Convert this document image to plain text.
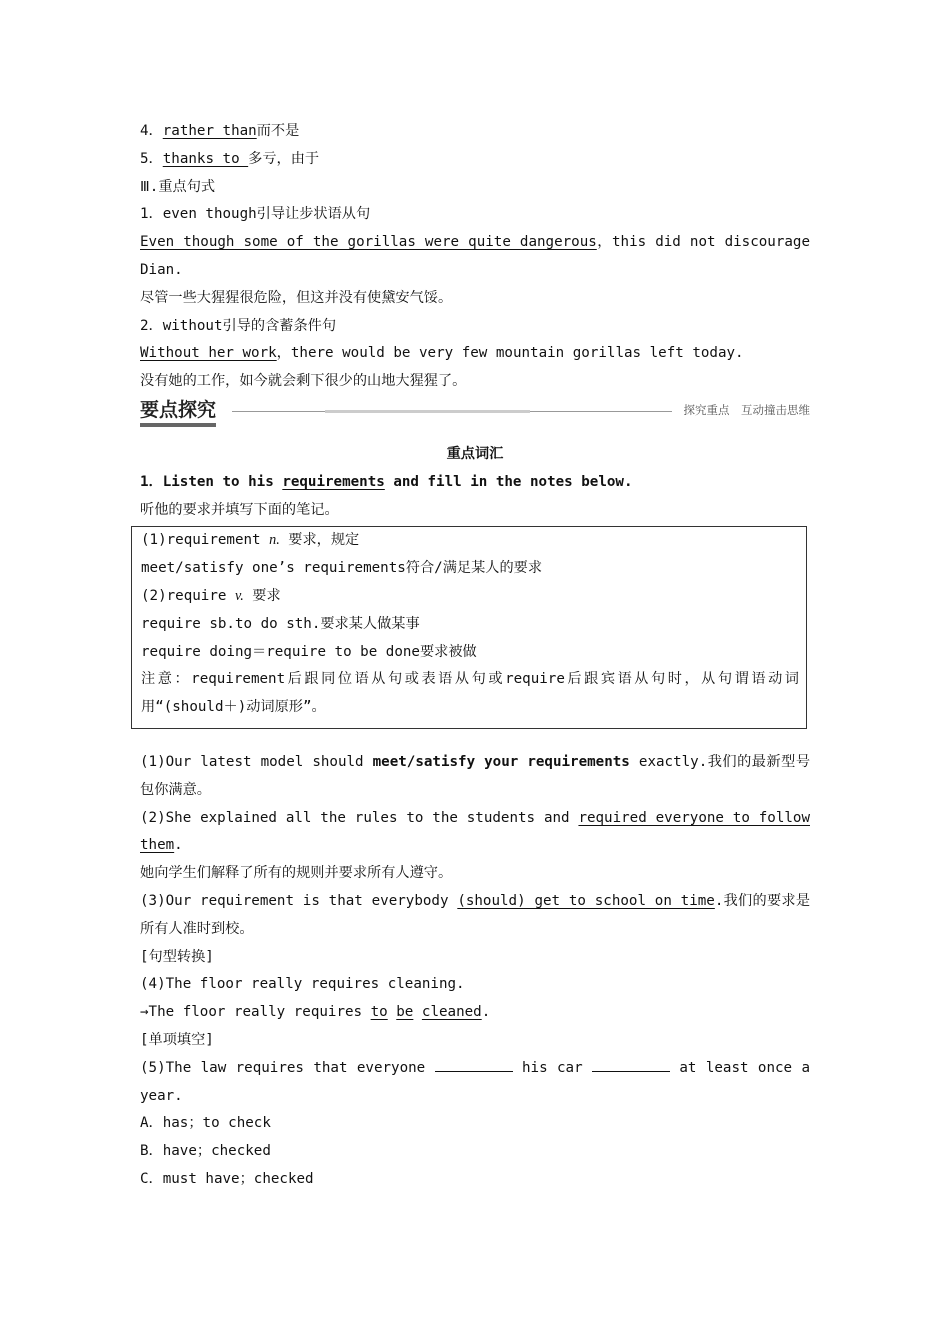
4．rather than而不是
5．thanks to 多亏，由于
Ⅲ.重点句式
1．even though引导让步状语从句
Even though some of the gorillas were quite dangerous，this did not discourage Dian.
尽管一些大猩猩很危险，但这并没有使黛安气馁。
2．without引导的含蓄条件句
Without her work，there would be very few mountain gorillas left today.
没有她的工作，如今就会剩下很少的山地大猩猩了。
要点探究	探究重点　互动撞击思维
重点词汇
1．Listen to his requirements and fill in the notes below.
听他的要求并填写下面的笔记。
(1)requirement n. 要求，规定
meet/satisfy one’s requirements符合/满足某人的要求
(2)require v. 要求
require sb.to do sth.要求某人做某事
require doing＝require to be done要求被做
注意：requirement后跟同位语从句或表语从句或require后跟宾语从句时，从句谓语动词用“(should＋)动词原形”。
(1)Our latest model should meet/satisfy your requirements exactly.我们的最新型号包你满意。
(2)She explained all the rules to the students and required everyone to follow them.
她向学生们解释了所有的规则并要求所有人遵守。
(3)Our requirement is that everybody (should) get to school on time.我们的要求是所有人准时到校。
[句型转换]
(4)The floor really requires cleaning.
→The floor really requires to be cleaned.
[单项填空]
(5)The law requires that everyone	his car	at least once a year.
A．has；to check
B．have；checked
C．must have；checked
